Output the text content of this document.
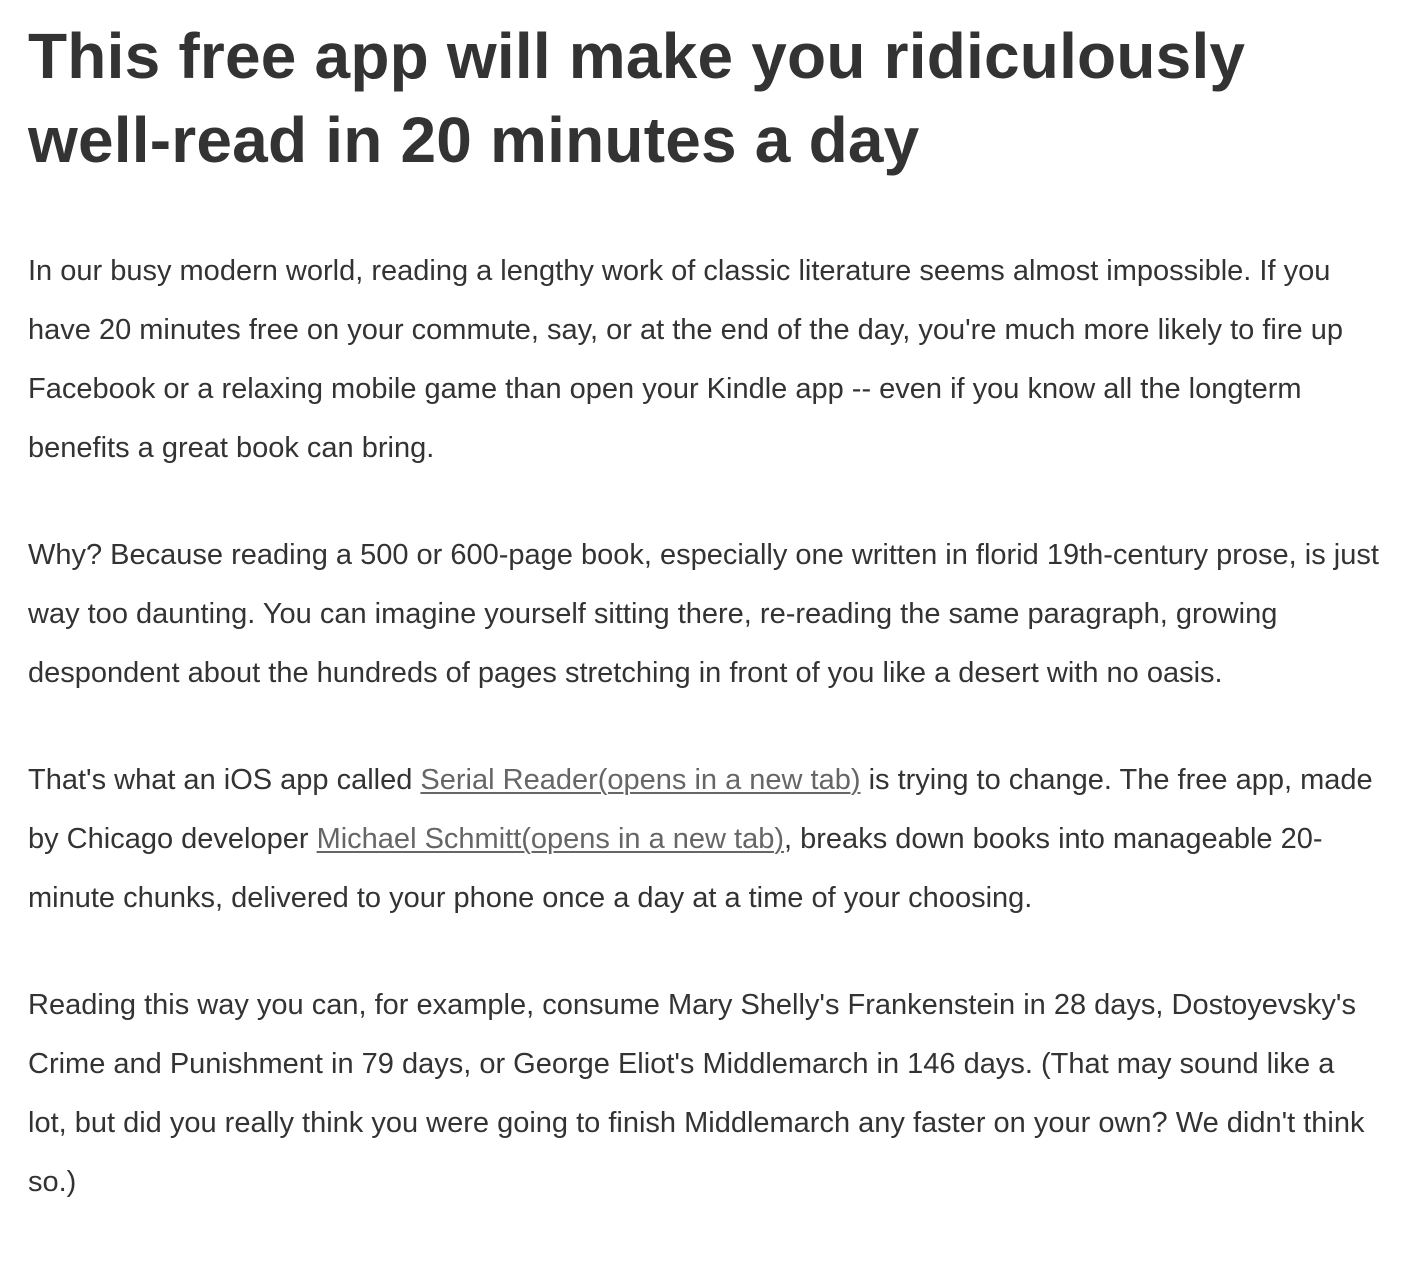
This free app will make you ridiculously well-read in 20 minutes a day

In our busy modern world, reading a lengthy work of classic literature seems almost impossible. If you have 20 minutes free on your commute, say, or at the end of the day, you're much more likely to fire up Facebook or a relaxing mobile game than open your Kindle app -- even if you know all the longterm benefits a great book can bring.

Why? Because reading a 500 or 600-page book, especially one written in florid 19th-century prose, is just way too daunting. You can imagine yourself sitting there, re-reading the same paragraph, growing despondent about the hundreds of pages stretching in front of you like a desert with no oasis.

That's what an iOS app called Serial Reader(opens in a new tab) is trying to change. The free app, made by Chicago developer Michael Schmitt(opens in a new tab), breaks down books into manageable 20-minute chunks, delivered to your phone once a day at a time of your choosing.

Reading this way you can, for example, consume Mary Shelly's Frankenstein in 28 days, Dostoyevsky's Crime and Punishment in 79 days, or George Eliot's Middlemarch in 146 days. (That may sound like a lot, but did you really think you were going to finish Middlemarch any faster on your own? We didn't think so.)
